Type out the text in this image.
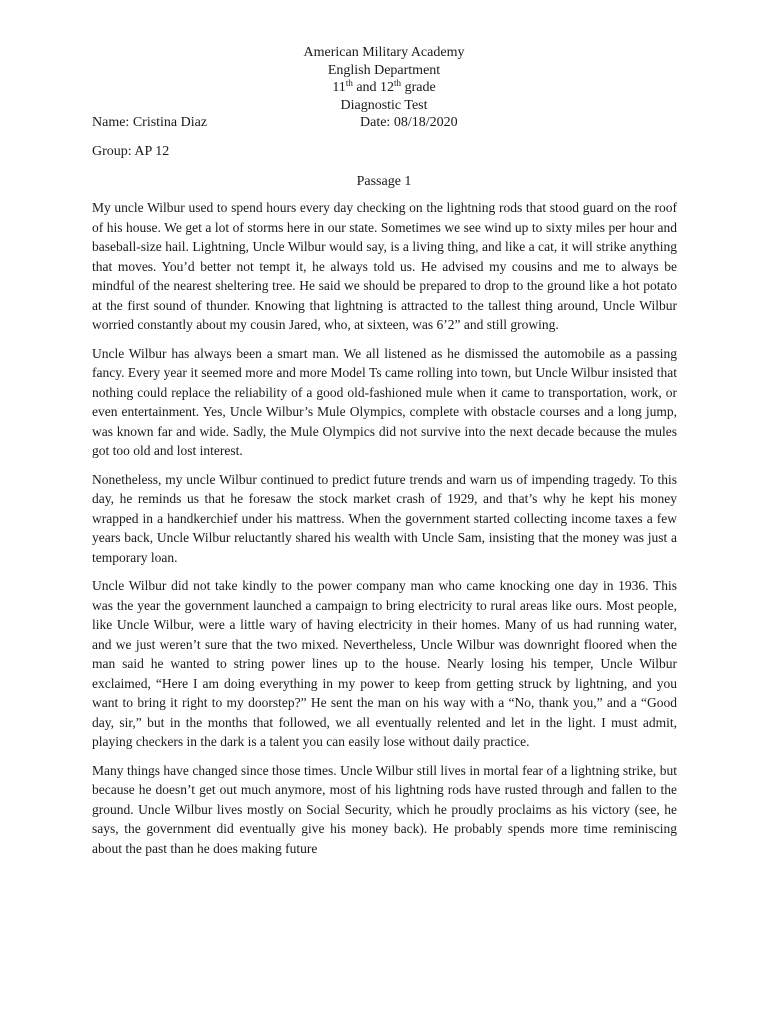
American Military Academy
English Department
11th and 12th grade
Diagnostic Test
Name: Cristina Diaz	Date: 08/18/2020
Group: AP 12
Passage 1

My uncle Wilbur used to spend hours every day checking on the lightning rods that stood guard on the roof of his house. We get a lot of storms here in our state. Sometimes we see wind up to sixty miles per hour and baseball-size hail. Lightning, Uncle Wilbur would say, is a living thing, and like a cat, it will strike anything that moves. You’d better not tempt it, he always told us. He advised my cousins and me to always be mindful of the nearest sheltering tree. He said we should be prepared to drop to the ground like a hot potato at the first sound of thunder. Knowing that lightning is attracted to the tallest thing around, Uncle Wilbur worried constantly about my cousin Jared, who, at sixteen, was 6’2” and still growing.

Uncle Wilbur has always been a smart man. We all listened as he dismissed the automobile as a passing fancy. Every year it seemed more and more Model Ts came rolling into town, but Uncle Wilbur insisted that nothing could replace the reliability of a good old-fashioned mule when it came to transportation, work, or even entertainment. Yes, Uncle Wilbur’s Mule Olympics, complete with obstacle courses and a long jump, was known far and wide. Sadly, the Mule Olympics did not survive into the next decade because the mules got too old and lost interest.

Nonetheless, my uncle Wilbur continued to predict future trends and warn us of impending tragedy. To this day, he reminds us that he foresaw the stock market crash of 1929, and that’s why he kept his money wrapped in a handkerchief under his mattress. When the government started collecting income taxes a few years back, Uncle Wilbur reluctantly shared his wealth with Uncle Sam, insisting that the money was just a temporary loan.

Uncle Wilbur did not take kindly to the power company man who came knocking one day in 1936. This was the year the government launched a campaign to bring electricity to rural areas like ours. Most people, like Uncle Wilbur, were a little wary of having electricity in their homes. Many of us had running water, and we just weren’t sure that the two mixed. Nevertheless, Uncle Wilbur was downright floored when the man said he wanted to string power lines up to the house. Nearly losing his temper, Uncle Wilbur exclaimed, “Here I am doing everything in my power to keep from getting struck by lightning, and you want to bring it right to my doorstep?” He sent the man on his way with a “No, thank you,” and a “Good day, sir,” but in the months that followed, we all eventually relented and let in the light. I must admit, playing checkers in the dark is a talent you can easily lose without daily practice.

Many things have changed since those times. Uncle Wilbur still lives in mortal fear of a lightning strike, but because he doesn’t get out much anymore, most of his lightning rods have rusted through and fallen to the ground. Uncle Wilbur lives mostly on Social Security, which he proudly proclaims as his victory (see, he says, the government did eventually give his money back). He probably spends more time reminiscing about the past than he does making future
